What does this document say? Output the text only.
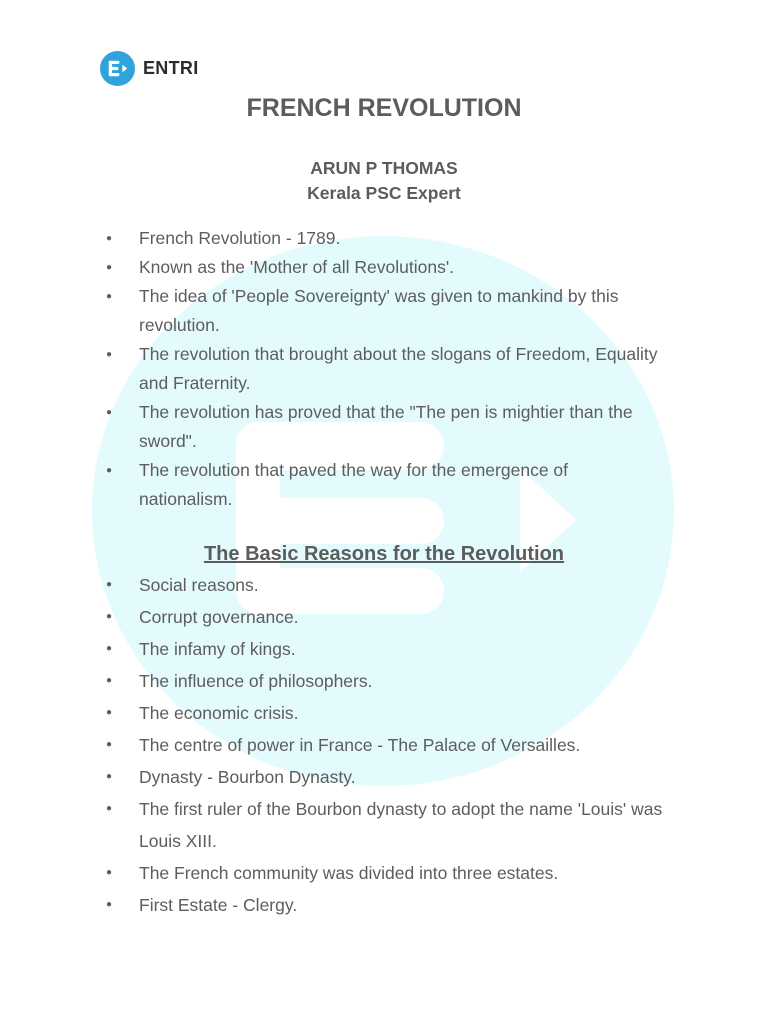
ENTRI
FRENCH REVOLUTION
ARUN P THOMAS
Kerala PSC Expert
● French Revolution - 1789.
● Known as the 'Mother of all Revolutions'.
● The idea of 'People Sovereignty' was given to mankind by this revolution.
● The revolution that brought about the slogans of Freedom, Equality and Fraternity.
● The revolution has proved that the "The pen is mightier than the sword".
● The revolution that paved the way for the emergence of nationalism.
The Basic Reasons for the Revolution
● Social reasons.
● Corrupt governance.
● The infamy of kings.
● The influence of philosophers.
● The economic crisis.
● The centre of power in France - The Palace of Versailles.
● Dynasty - Bourbon Dynasty.
● The first ruler of the Bourbon dynasty to adopt the name 'Louis' was Louis XIII.
● The French community was divided into three estates.
● First Estate - Clergy.
